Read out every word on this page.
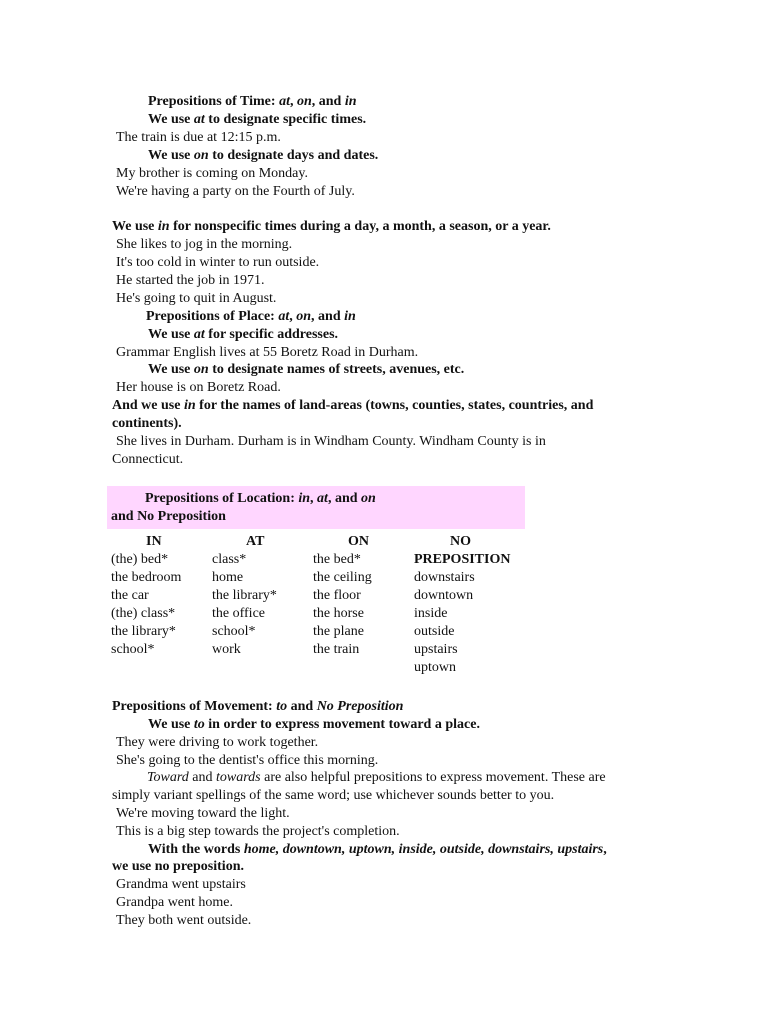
Prepositions of Time: at, on, and in
We use at to designate specific times.
The train is due at 12:15 p.m.
We use on to designate days and dates.
My brother is coming on Monday.
We're having a party on the Fourth of July.
We use in for nonspecific times during a day, a month, a season, or a year.
She likes to jog in the morning.
It's too cold in winter to run outside.
He started the job in 1971.
He's going to quit in August.
Prepositions of Place: at, on, and in
We use at for specific addresses.
Grammar English lives at 55 Boretz Road in Durham.
We use on to designate names of streets, avenues, etc.
Her house is on Boretz Road.
And we use in for the names of land-areas (towns, counties, states, countries, and
continents).
She lives in Durham. Durham is in Windham County. Windham County is in
Connecticut.
Prepositions of Location: in, at, and on
and No Preposition
IN
(the) bed*
the bedroom
the car
(the) class*
the library*
school*
AT
class*
home
the library*
the office
school*
work
ON
the bed*
the ceiling
the floor
the horse
the plane
the train
NO
PREPOSITION
downstairs
downtown
inside
outside
upstairs
uptown
Prepositions of Movement: to and No Preposition
We use to in order to express movement toward a place.
They were driving to work together.
She's going to the dentist's office this morning.
Toward and towards are also helpful prepositions to express movement. These are
simply variant spellings of the same word; use whichever sounds better to you.
We're moving toward the light.
This is a big step towards the project's completion.
With the words home, downtown, uptown, inside, outside, downstairs, upstairs,
we use no preposition.
Grandma went upstairs
Grandpa went home.
They both went outside.
